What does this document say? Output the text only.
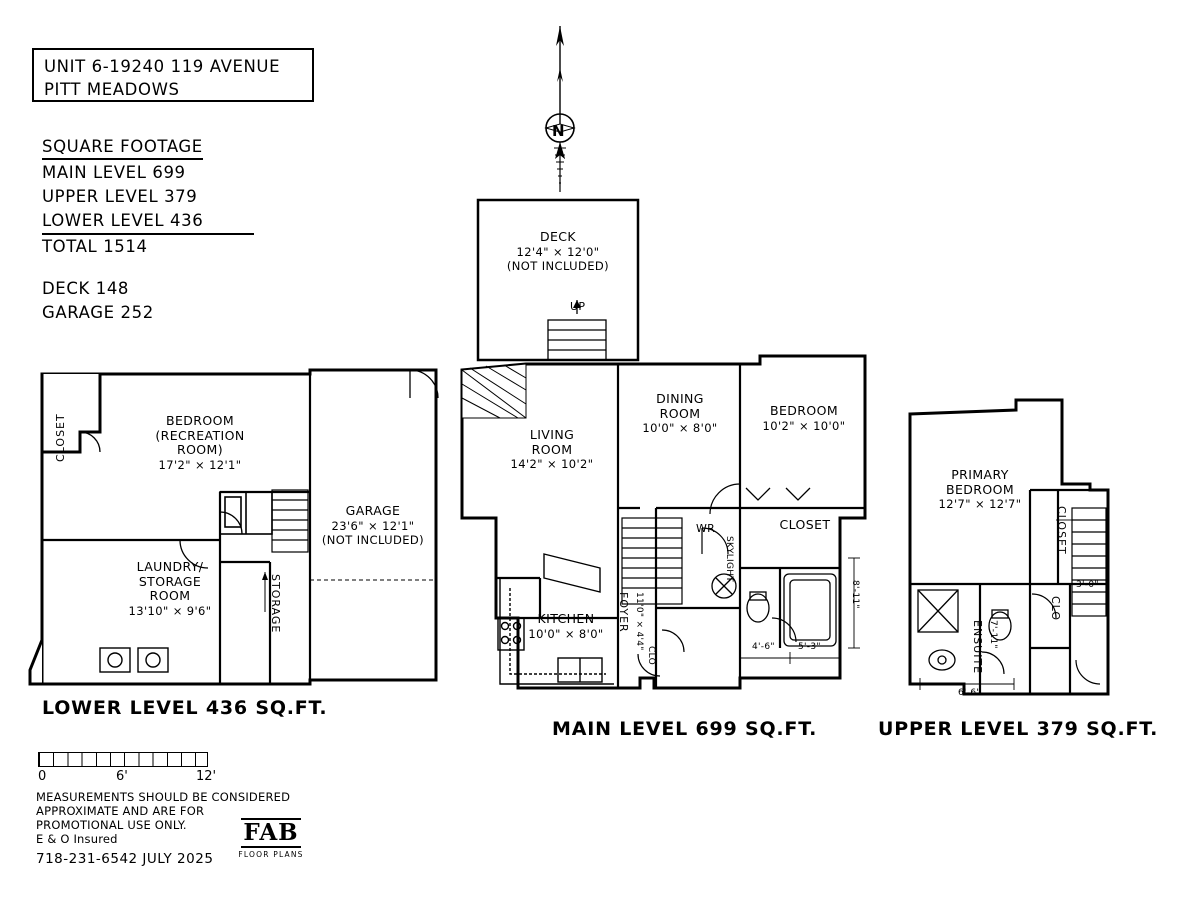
UNIT 6-19240 119 AVENUE
PITT MEADOWS
SQUARE FOOTAGE
MAIN LEVEL 699
UPPER LEVEL 379
LOWER LEVEL 436
TOTAL 1514
DECK 148
GARAGE 252
N
CLOSET	BEDROOM
(RECREATION
ROOM)
17'2" × 12'1"
LAUNDRY/
STORAGE
ROOM
13'10" × 9'6"	STORAGE
GARAGE
23'6" × 12'1"
(NOT INCLUDED)
DECK
12'4" × 12'0"
(NOT INCLUDED)
UP
LIVING
ROOM
14'2" × 10'2"
DINING
ROOM
10'0" × 8'0"
BEDROOM
10'2" × 10'0"
CLOSET
KITCHEN
10'0" × 8'0"
FOYER 11'0" × 4'4"
WR
SKYLIGHT
CLO	4'-6"	5'-3"
8'-11"
PRIMARY
BEDROOM
12'7" × 12'7"
CLOSET
ENSUITE 7'-11"
CLO
3'-0"
6'-6"
LOWER LEVEL 436 SQ.FT.
MAIN LEVEL 699 SQ.FT.	UPPER LEVEL 379 SQ.FT.
0	6'	12'
MEASUREMENTS SHOULD BE CONSIDERED
APPROXIMATE AND ARE FOR
PROMOTIONAL USE ONLY.
E & O Insured
718-231-6542 JULY 2025
FAB
FLOOR PLANS
